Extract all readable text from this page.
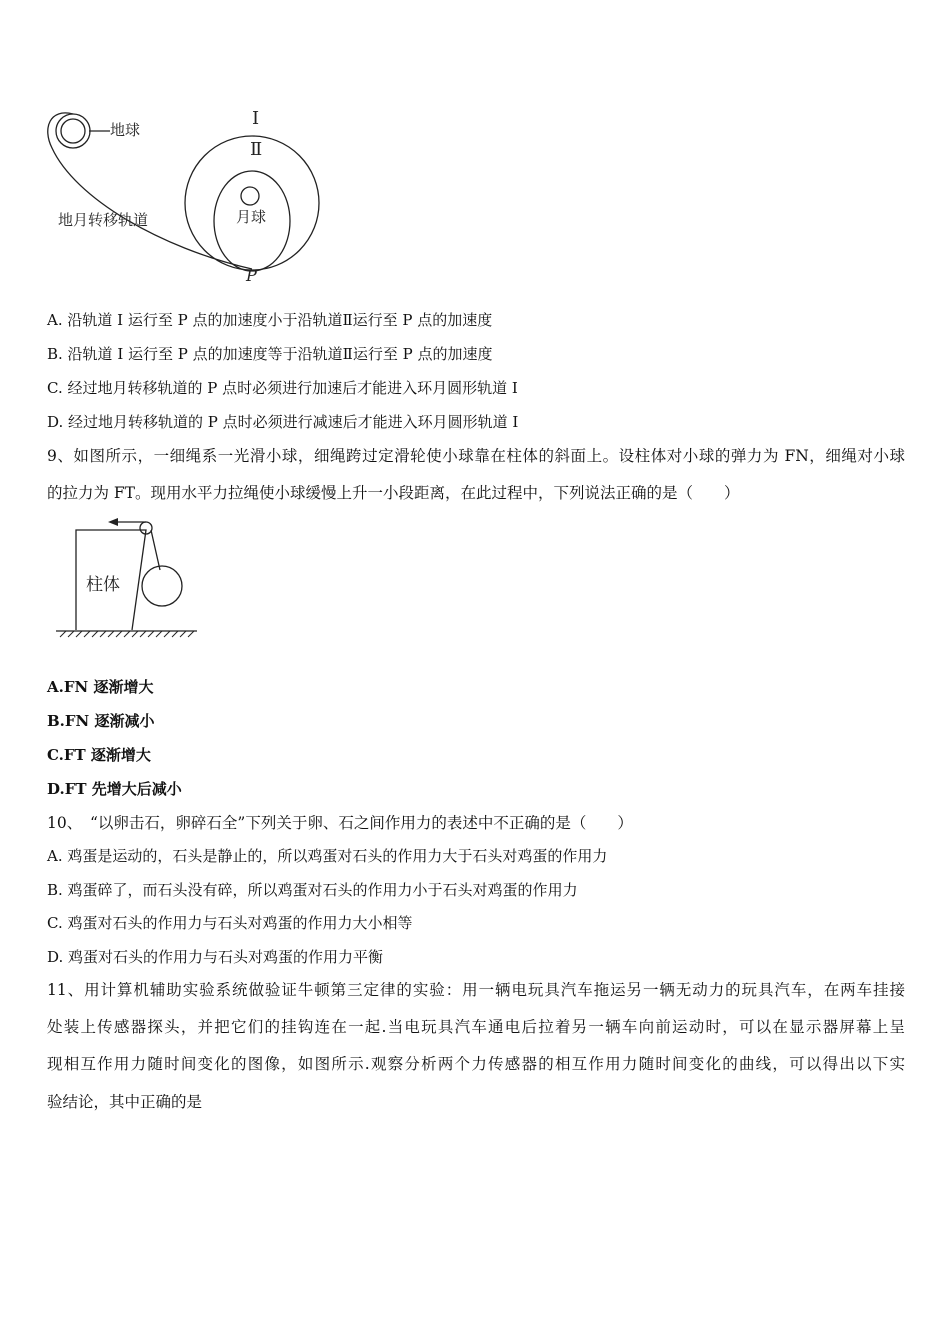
地球
I
Ⅱ
月球
地月转移轨道
P
A. 沿轨道 I 运行至 P 点的加速度小于沿轨道Ⅱ运行至 P 点的加速度
B. 沿轨道 I 运行至 P 点的加速度等于沿轨道Ⅱ运行至 P 点的加速度
C. 经过地月转移轨道的 P 点时必须进行加速后才能进入环月圆形轨道 I
D. 经过地月转移轨道的 P 点时必须进行减速后才能进入环月圆形轨道 I
9、如图所示，一细绳系一光滑小球，细绳跨过定滑轮使小球靠在柱体的斜面上。设柱体对小球的弹力为 FN，细绳对小球
的拉力为 FT。现用水平力拉绳使小球缓慢上升一小段距离，在此过程中，下列说法正确的是（　　）
柱体
A.FN 逐渐增大
B.FN 逐渐减小
C.FT 逐渐增大
D.FT 先增大后减小
10、　“以卵击石，卵碎石全”下列关于卵、石之间作用力的表述中不正确的是（　　）
A. 鸡蛋是运动的，石头是静止的，所以鸡蛋对石头的作用力大于石头对鸡蛋的作用力
B. 鸡蛋碎了，而石头没有碎，所以鸡蛋对石头的作用力小于石头对鸡蛋的作用力
C. 鸡蛋对石头的作用力与石头对鸡蛋的作用力大小相等
D. 鸡蛋对石头的作用力与石头对鸡蛋的作用力平衡
11、用计算机辅助实验系统做验证牛顿第三定律的实验：用一辆电玩具汽车拖运另一辆无动力的玩具汽车，在两车挂接
处装上传感器探头，并把它们的挂钩连在一起.当电玩具汽车通电后拉着另一辆车向前运动时，可以在显示器屏幕上呈
现相互作用力随时间变化的图像，如图所示.观察分析两个力传感器的相互作用力随时间变化的曲线，可以得出以下实
验结论，其中正确的是
